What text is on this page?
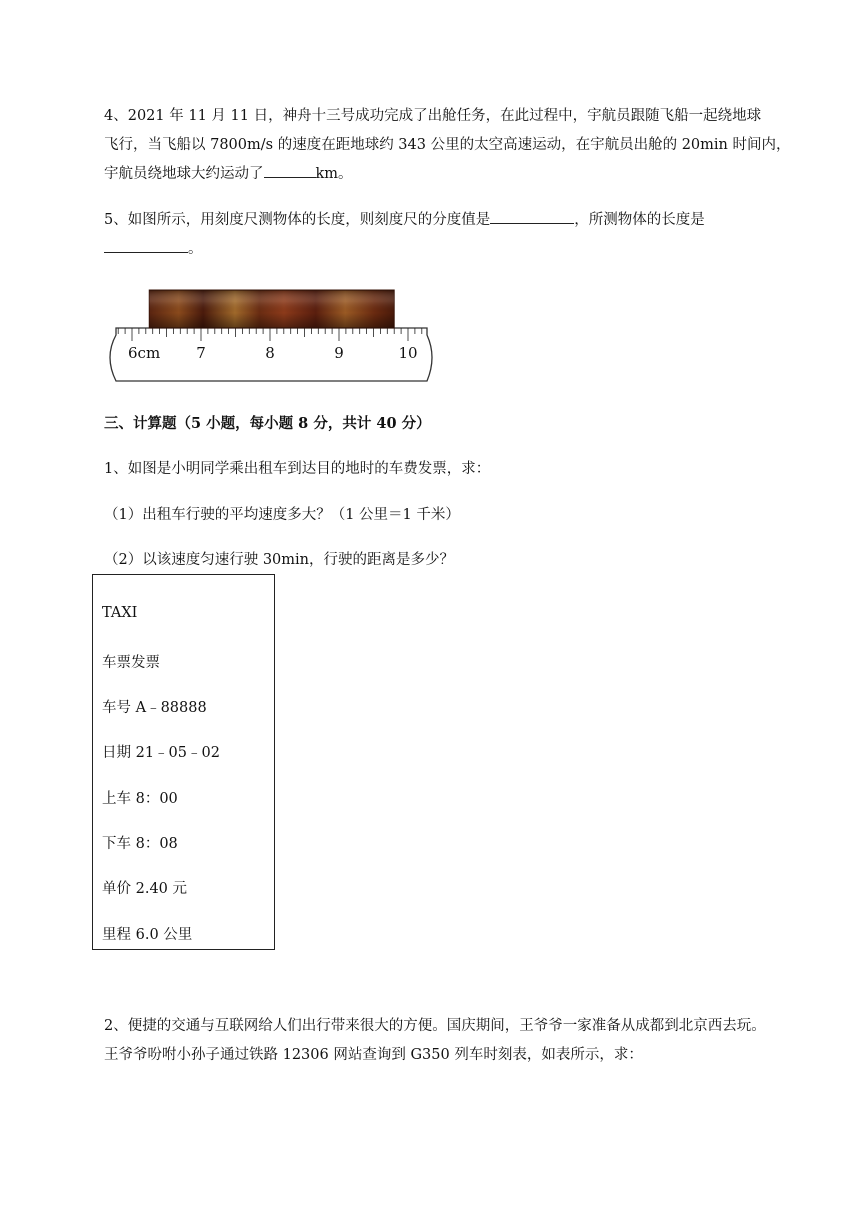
4、2021 年 11 月 11 日，神舟十三号成功完成了出舱任务，在此过程中，宇航员跟随飞船一起绕地球

飞行，当飞船以 7800m/s 的速度在距地球约 343 公里的太空高速运动，在宇航员出舱的 20min 时间内，

宇航员绕地球大约运动了	km。

5、如图所示，用刻度尺测物体的长度，则刻度尺的分度值是	，所测物体的长度是

。

6cm 7	8	9	10

三、计算题（5 小题，每小题 8 分，共计 40 分）

1、如图是小明同学乘出租车到达目的地时的车费发票，求：

（1）出租车行驶的平均速度多大？（1 公里＝1 千米）

（2）以该速度匀速行驶 30min，行驶的距离是多少？

TAXI
车票发票
车号 A﹣88888
日期 21﹣05﹣02
上车 8：00
下车 8：08
单价 2.40 元
里程 6.0 公里

2、便捷的交通与互联网给人们出行带来很大的方便。国庆期间，王爷爷一家准备从成都到北京西去玩。

王爷爷吩咐小孙子通过铁路 12306 网站查询到 G350 列车时刻表，如表所示，求：
